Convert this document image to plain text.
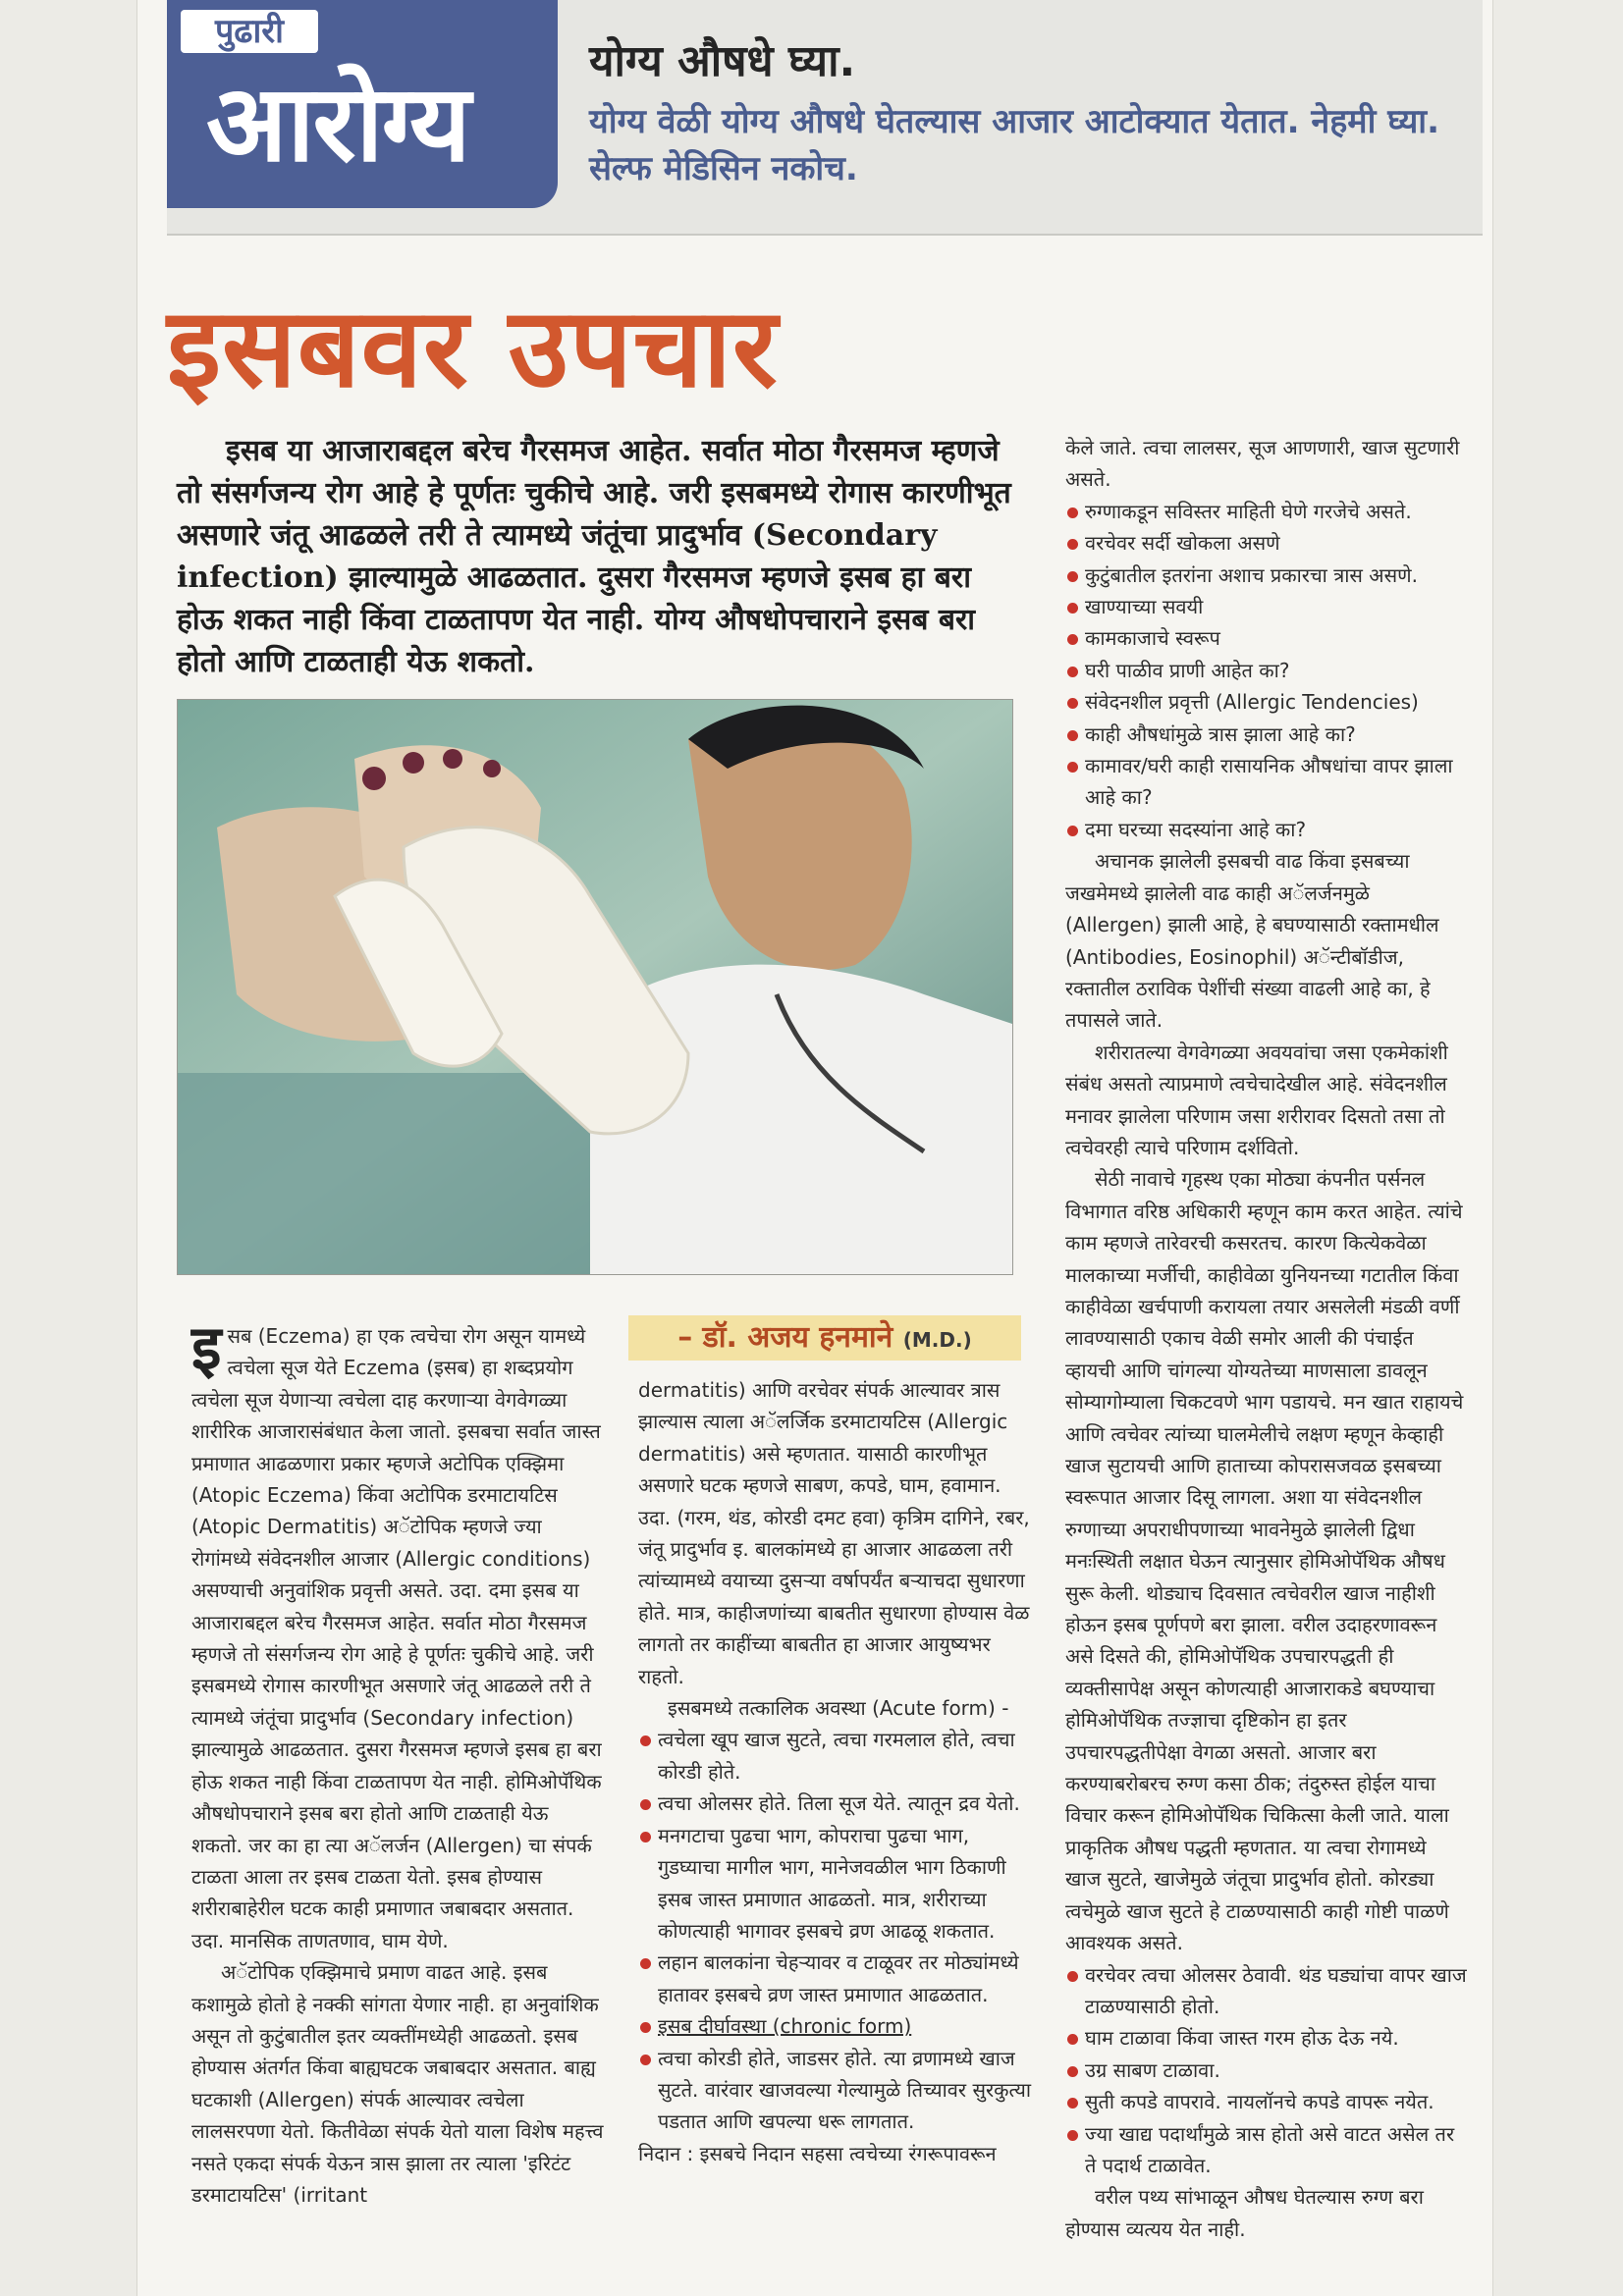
पुढारी
आरोग्य
योग्य औषधे घ्या.
योग्य वेळी योग्य औषधे घेतल्यास आजार आटोक्यात येतात. नेहमी घ्या. सेल्फ मेडिसिन नकोच.
इसबवर उपचार
इसब या आजाराबद्दल बरेच गैरसमज आहेत. सर्वात मोठा गैरसमज म्हणजे तो संसर्गजन्य रोग आहे हे पूर्णतः चुकीचे आहे. जरी इसबमध्ये रोगास कारणीभूत असणारे जंतू आढळले तरी ते त्यामध्ये जंतूंचा प्रादुर्भाव (Secondary infection) झाल्यामुळे आढळतात. दुसरा गैरसमज म्हणजे इसब हा बरा होऊ शकत नाही किंवा टाळतापण येत नाही. योग्य औषधोपचाराने इसब बरा होतो आणि टाळताही येऊ शकतो.
– डॉ. अजय हनमाने (M.D.)

इसब (Eczema) हा एक त्वचेचा रोग असून यामध्ये त्वचेला सूज येते Eczema (इसब) हा शब्दप्रयोग त्वचेला सूज येणाऱ्या त्वचेला दाह करणाऱ्या वेगवेगळ्या शारीरिक आजारासंबंधात केला जातो. इसबचा सर्वात जास्त प्रमाणात आढळणारा प्रकार म्हणजे अटोपिक एक्झिमा (Atopic Eczema) किंवा अटोपिक डरमाटायटिस (Atopic Dermatitis) अॅटोपिक म्हणजे ज्या रोगांमध्ये संवेदनशील आजार (Allergic conditions) असण्याची अनुवांशिक प्रवृत्ती असते. उदा. दमा इसब या आजाराबद्दल बरेच गैरसमज आहेत. सर्वात मोठा गैरसमज म्हणजे तो संसर्गजन्य रोग आहे हे पूर्णतः चुकीचे आहे. जरी इसबमध्ये रोगास कारणीभूत असणारे जंतू आढळले तरी ते त्यामध्ये जंतूंचा प्रादुर्भाव (Secondary infection) झाल्यामुळे आढळतात. दुसरा गैरसमज म्हणजे इसब हा बरा होऊ शकत नाही किंवा टाळतापण येत नाही. होमिओपॅथिक औषधोपचाराने इसब बरा होतो आणि टाळताही येऊ शकतो. जर का हा त्या अॅलर्जन (Allergen) चा संपर्क टाळता आला तर इसब टाळता येतो. इसब होण्यास शरीराबाहेरील घटक काही प्रमाणात जबाबदार असतात. उदा. मानसिक ताणतणाव, घाम येणे.

अॅटोपिक एक्झिमाचे प्रमाण वाढत आहे. इसब कशामुळे होतो हे नक्की सांगता येणार नाही. हा अनुवांशिक असून तो कुटुंबातील इतर व्यक्तींमध्येही आढळतो. इसब होण्यास अंतर्गत किंवा बाह्यघटक जबाबदार असतात. बाह्य घटकाशी (Allergen) संपर्क आल्यावर त्वचेला लालसरपणा येतो. कितीवेळा संपर्क येतो याला विशेष महत्त्व नसते एकदा संपर्क येऊन त्रास झाला तर त्याला 'इरिटंट डरमाटायटिस' (irritant

dermatitis) आणि वरचेवर संपर्क आल्यावर त्रास झाल्यास त्याला अॅलर्जिक डरमाटायटिस (Allergic dermatitis) असे म्हणतात. यासाठी कारणीभूत असणारे घटक म्हणजे साबण, कपडे, घाम, हवामान. उदा. (गरम, थंड, कोरडी दमट हवा) कृत्रिम दागिने, रबर, जंतू प्रादुर्भाव इ. बालकांमध्ये हा आजार आढळला तरी त्यांच्यामध्ये वयाच्या दुसऱ्या वर्षापर्यंत बऱ्याचदा सुधारणा होते. मात्र, काहीजणांच्या बाबतीत सुधारणा होण्यास वेळ लागतो तर काहींच्या बाबतीत हा आजार आयुष्यभर राहतो.

इसबमध्ये तत्कालिक अवस्था (Acute form) -

त्वचेला खूप खाज सुटते, त्वचा गरमलाल होते, त्वचा कोरडी होते.

त्वचा ओलसर होते. तिला सूज येते. त्यातून द्रव येतो.

मनगटाचा पुढचा भाग, कोपराचा पुढचा भाग, गुडघ्याचा मागील भाग, मानेजवळील भाग ठिकाणी इसब जास्त प्रमाणात आढळतो. मात्र, शरीराच्या कोणत्याही भागावर इसबचे व्रण आढळू शकतात.

लहान बालकांना चेहऱ्यावर व टाळूवर तर मोठ्यांमध्ये हातावर इसबचे व्रण जास्त प्रमाणात आढळतात.

इसब दीर्घावस्था (chronic form)

त्वचा कोरडी होते, जाडसर होते. त्या व्रणामध्ये खाज सुटते. वारंवार खाजवल्या गेल्यामुळे तिच्यावर सुरकुत्या पडतात आणि खपल्या धरू लागतात.

निदान : इसबचे निदान सहसा त्वचेच्या रंगरूपावरून

केले जाते. त्वचा लालसर, सूज आणणारी, खाज सुटणारी असते.

रुग्णाकडून सविस्तर माहिती घेणे गरजेचे असते.

वरचेवर सर्दी खोकला असणे

कुटुंबातील इतरांना अशाच प्रकारचा त्रास असणे.

खाण्याच्या सवयी

कामकाजाचे स्वरूप

घरी पाळीव प्राणी आहेत का?

संवेदनशील प्रवृत्ती (Allergic Tendencies)

काही औषधांमुळे त्रास झाला आहे का?

कामावर/घरी काही रासायनिक औषधांचा वापर झाला आहे का?

दमा घरच्या सदस्यांना आहे का?

अचानक झालेली इसबची वाढ किंवा इसबच्या जखमेमध्ये झालेली वाढ काही अॅलर्जनमुळे (Allergen) झाली आहे, हे बघण्यासाठी रक्तामधील (Antibodies, Eosinophil) अॅन्टीबॉडीज, रक्तातील ठराविक पेशींची संख्या वाढली आहे का, हे तपासले जाते.

शरीरातल्या वेगवेगळ्या अवयवांचा जसा एकमेकांशी संबंध असतो त्याप्रमाणे त्वचेचादेखील आहे. संवेदनशील मनावर झालेला परिणाम जसा शरीरावर दिसतो तसा तो त्वचेवरही त्याचे परिणाम दर्शवितो.

सेठी नावाचे गृहस्थ एका मोठ्या कंपनीत पर्सनल विभागात वरिष्ठ अधिकारी म्हणून काम करत आहेत. त्यांचे काम म्हणजे तारेवरची कसरतच. कारण कित्येकवेळा मालकाच्या मर्जीची, काहीवेळा युनियनच्या गटातील किंवा काहीवेळा खर्चपाणी करायला तयार असलेली मंडळी वर्णी लावण्यासाठी एकाच वेळी समोर आली की पंचाईत व्हायची आणि चांगल्या योग्यतेच्या माणसाला डावलून सोम्यागोम्याला चिकटवणे भाग पडायचे. मन खात राहायचे आणि त्वचेवर त्यांच्या घालमेलीचे लक्षण म्हणून केव्हाही खाज सुटायची आणि हाताच्या कोपरासजवळ इसबच्या स्वरूपात आजार दिसू लागला. अशा या संवेदनशील रुग्णाच्या अपराधीपणाच्या भावनेमुळे झालेली द्विधा मनःस्थिती लक्षात घेऊन त्यानुसार होमिओपॅथिक औषध सुरू केली. थोड्याच दिवसात त्वचेवरील खाज नाहीशी होऊन इसब पूर्णपणे बरा झाला. वरील उदाहरणावरून असे दिसते की, होमिओपॅथिक उपचारपद्धती ही व्यक्तीसापेक्ष असून कोणत्याही आजाराकडे बघण्याचा होमिओपॅथिक तज्ज्ञाचा दृष्टिकोन हा इतर उपचारपद्धतीपेक्षा वेगळा असतो. आजार बरा करण्याबरोबरच रुग्ण कसा ठीक; तंदुरुस्त होईल याचा विचार करून होमिओपॅथिक चिकित्सा केली जाते. याला प्राकृतिक औषध पद्धती म्हणतात. या त्वचा रोगामध्ये खाज सुटते, खाजेमुळे जंतूचा प्रादुर्भाव होतो. कोरड्या त्वचेमुळे खाज सुटते हे टाळण्यासाठी काही गोष्टी पाळणे आवश्यक असते.

वरचेवर त्वचा ओलसर ठेवावी. थंड घड्यांचा वापर खाज टाळण्यासाठी होतो.

घाम टाळावा किंवा जास्त गरम होऊ देऊ नये.

उग्र साबण टाळावा.

सुती कपडे वापरावे. नायलॉनचे कपडे वापरू नयेत.

ज्या खाद्य पदार्थांमुळे त्रास होतो असे वाटत असेल तर ते पदार्थ टाळावेत.

वरील पथ्य सांभाळून औषध घेतल्यास रुग्ण बरा होण्यास व्यत्यय येत नाही.
